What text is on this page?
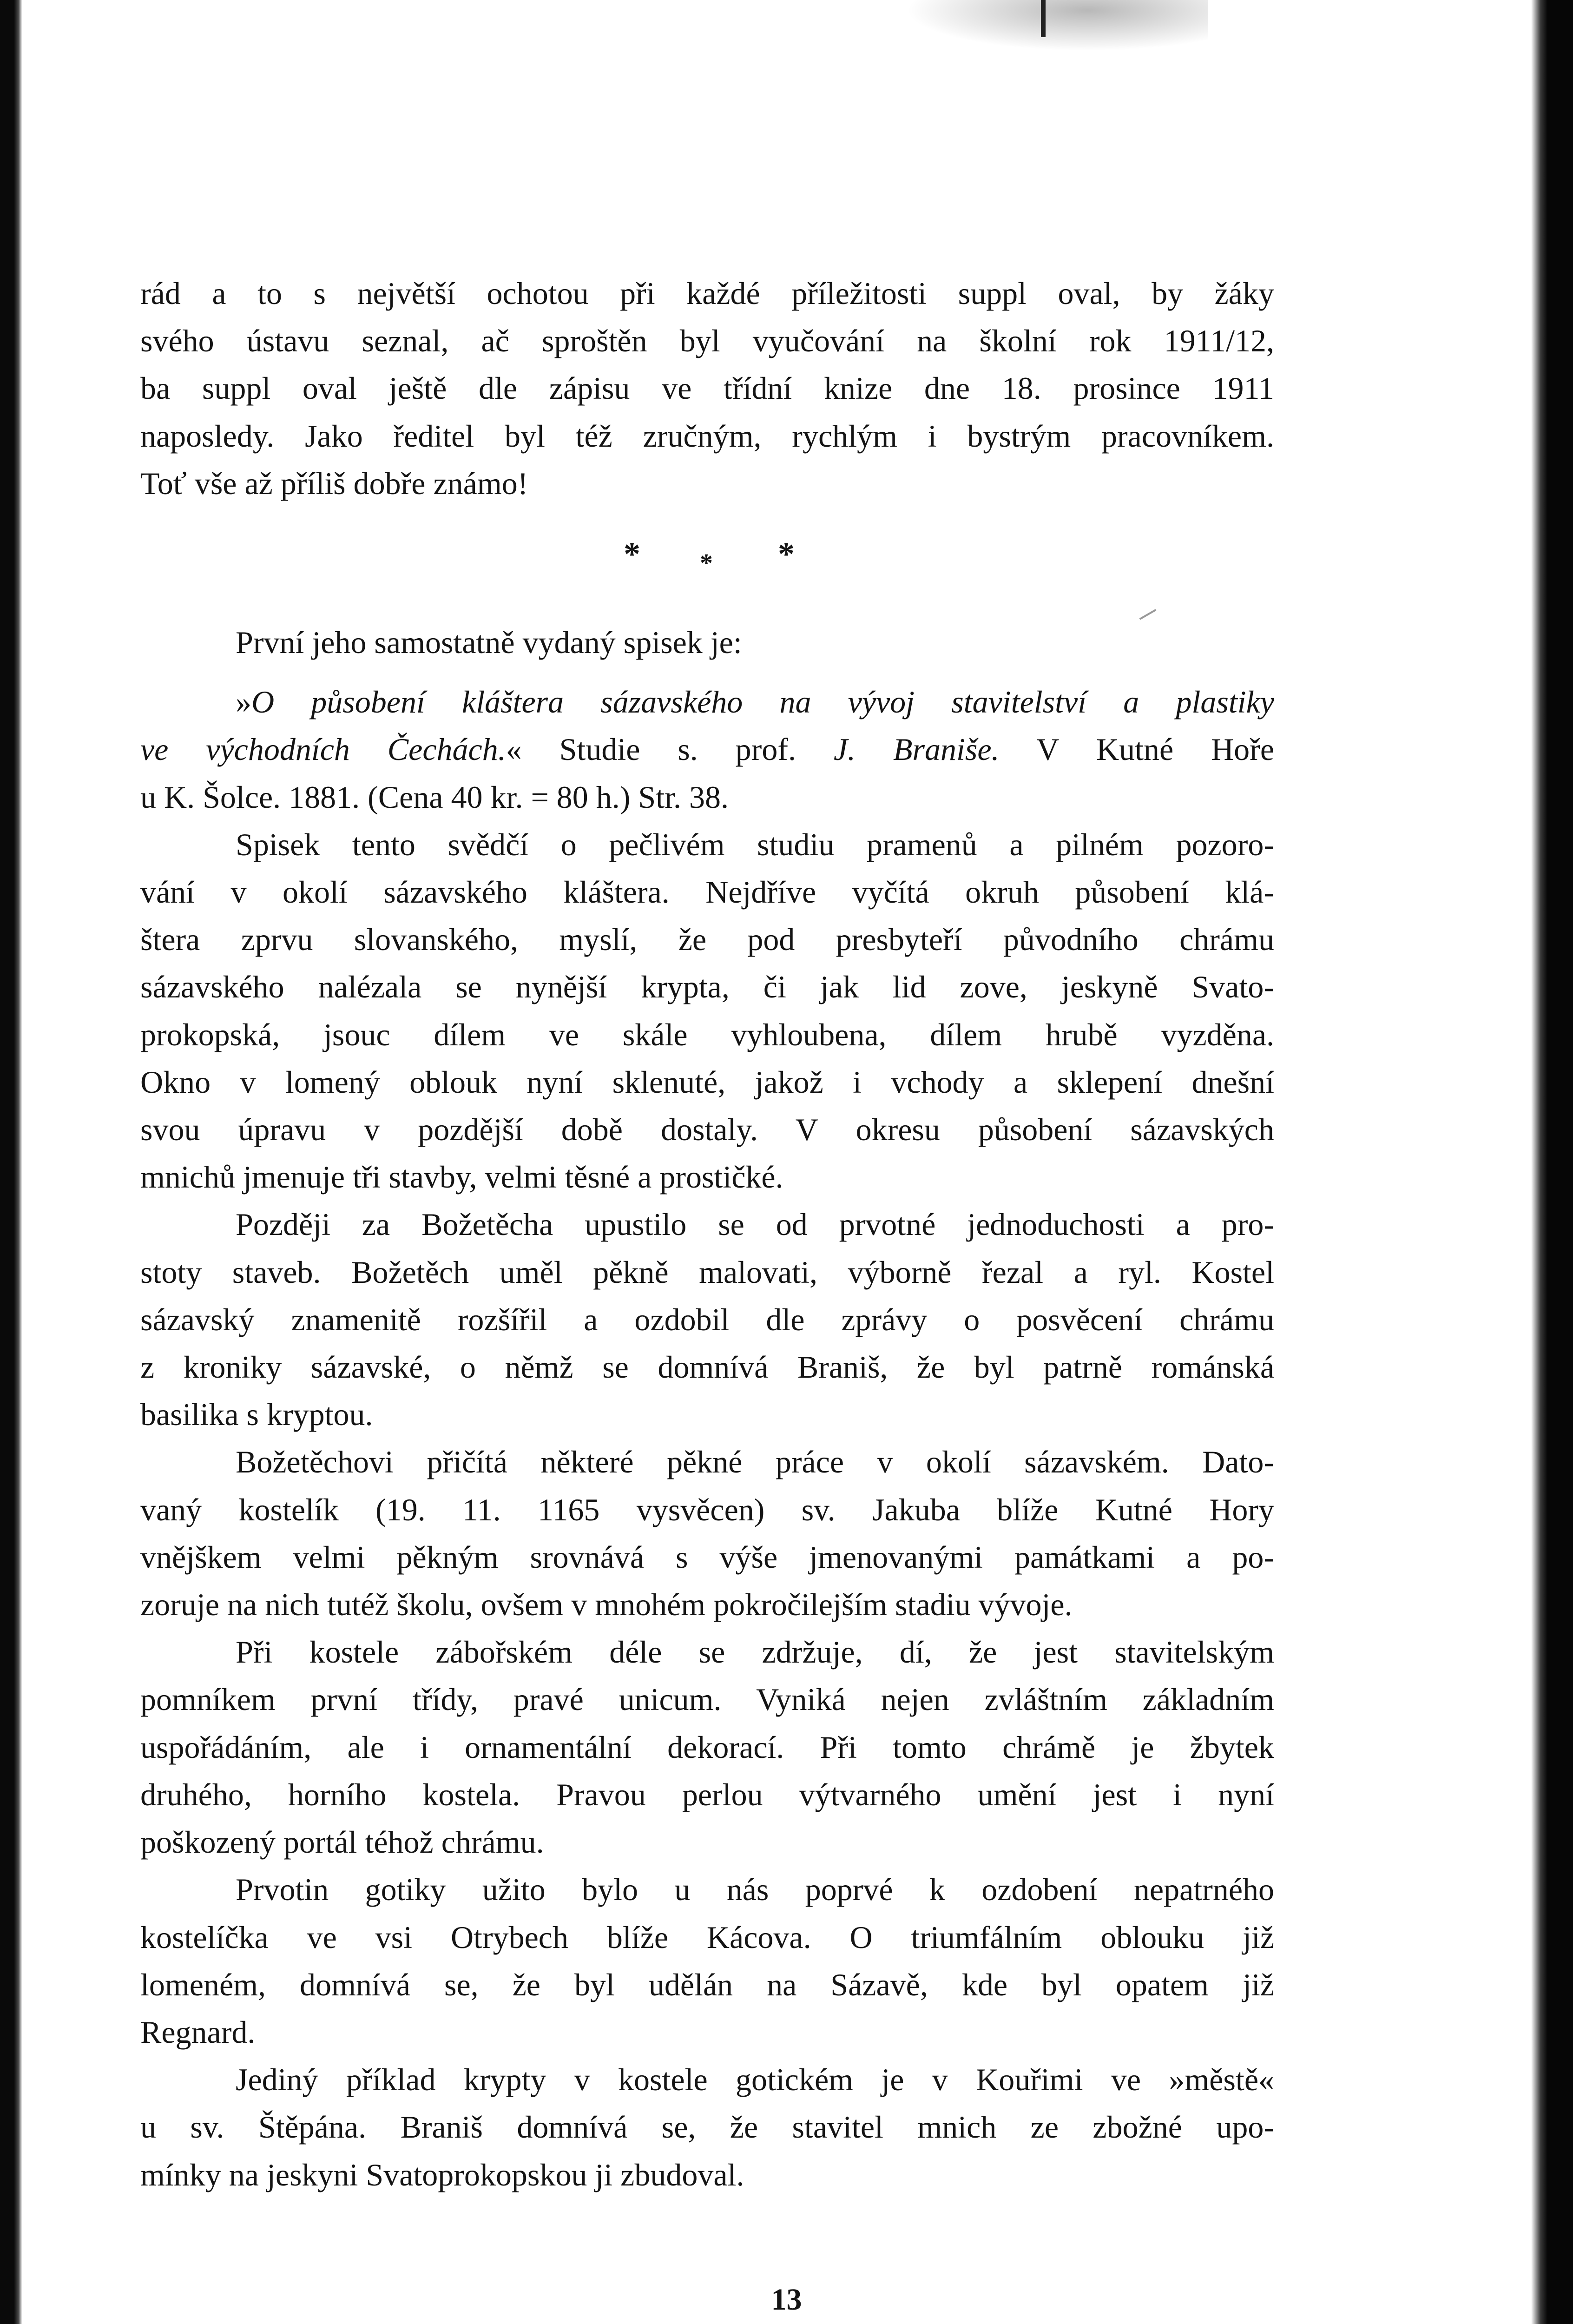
rád a to s největší ochotou při každé příležitosti suppl oval, by žáky

svého ústavu seznal, ač sproštěn byl vyučování na školní rok 1911/12,

ba suppl oval ještě dle zápisu ve třídní knize dne 18. prosince 1911

naposledy. Jako ředitel byl též zručným, rychlým i bystrým pracovníkem.

Toť vše až příliš dobře známo!

* * *

První jeho samostatně vydaný spisek je:

»O působení kláštera sázavského na vývoj stavitelství a plastiky

ve východních Čechách.« Studie s. prof. J. Braniše. V Kutné Hoře

u K. Šolce. 1881. (Cena 40 kr. = 80 h.) Str. 38.

Spisek tento svědčí o pečlivém studiu pramenů a pilném pozoro-

vání v okolí sázavského kláštera. Nejdříve vyčítá okruh působení klá-

štera zprvu slovanského, myslí, že pod presbyteří původního chrámu

sázavského nalézala se nynější krypta, či jak lid zove, jeskyně Svato-

prokopská, jsouc dílem ve skále vyhloubena, dílem hrubě vyzděna.

Okno v lomený oblouk nyní sklenuté, jakož i vchody a sklepení dnešní

svou úpravu v pozdější době dostaly. V okresu působení sázavských

mnichů jmenuje tři stavby, velmi těsné a prostičké.

Později za Božetěcha upustilo se od prvotné jednoduchosti a pro-

stoty staveb. Božetěch uměl pěkně malovati, výborně řezal a ryl. Kostel

sázavský znamenitě rozšířil a ozdobil dle zprávy o posvěcení chrámu

z kroniky sázavské, o němž se domnívá Braniš, že byl patrně románská

basilika s kryptou.

Božetěchovi přičítá některé pěkné práce v okolí sázavském. Dato-

vaný kostelík (19. 11. 1165 vysvěcen) sv. Jakuba blíže Kutné Hory

vnějškem velmi pěkným srovnává s výše jmenovanými památkami a po-

zoruje na nich tutéž školu, ovšem v mnohém pokročilejším stadiu vývoje.

Při kostele zábořském déle se zdržuje, dí, že jest stavitelským

pomníkem první třídy, pravé unicum. Vyniká nejen zvláštním základním

uspořádáním, ale i ornamentální dekorací. Při tomto chrámě je žbytek

druhého, horního kostela. Pravou perlou výtvarného umění jest i nyní

poškozený portál téhož chrámu.

Prvotin gotiky užito bylo u nás poprvé k ozdobení nepatrného

kostelíčka ve vsi Otrybech blíže Kácova. O triumfálním oblouku již

lomeném, domnívá se, že byl udělán na Sázavě, kde byl opatem již

Regnard.

Jediný příklad krypty v kostele gotickém je v Kouřimi ve »městě«

u sv. Štěpána. Braniš domnívá se, že stavitel mnich ze zbožné upo-

mínky na jeskyni Svatoprokopskou ji zbudoval.

13
